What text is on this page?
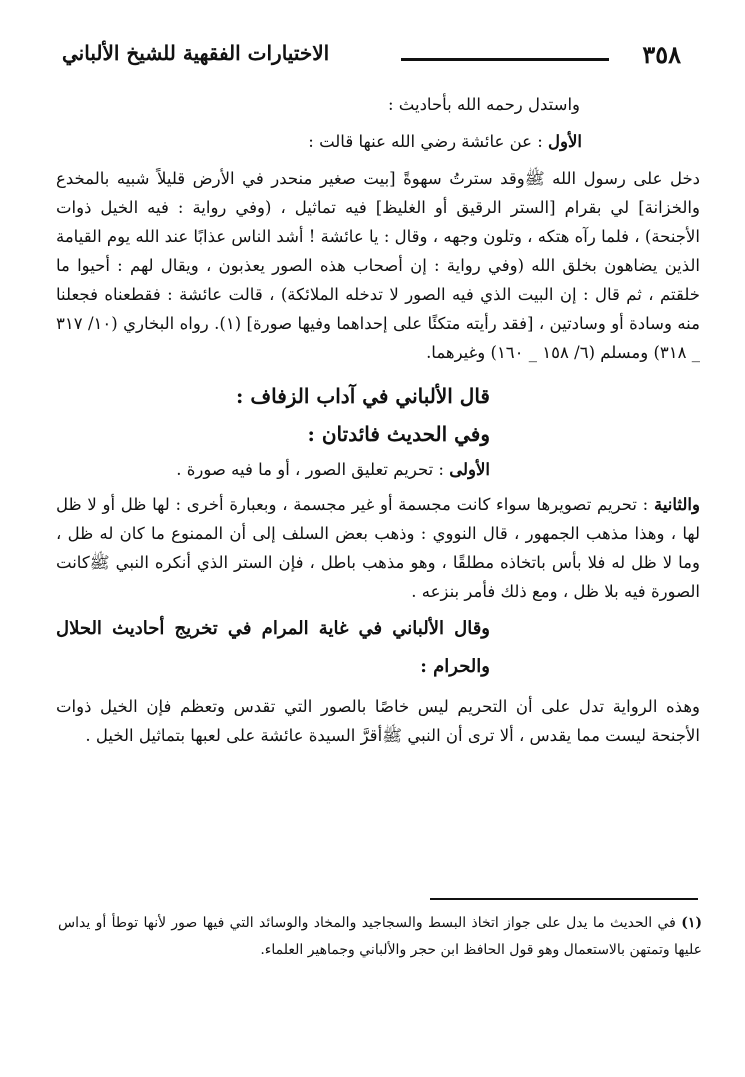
٣٥٨
الاختيارات الفقهية للشيخ الألباني

واستدل رحمه الله بأحاديث :

الأول : عن عائشة رضي الله عنها قالت :

دخل على رسول الله ﷺوقد سترتُ سهوةً [بيت صغير منحدر في الأرض قليلاً شبيه بالمخدع والخزانة] لي بقرام [الستر الرقيق أو الغليظ] فيه تماثيل ، (وفي رواية : فيه الخيل ذوات الأجنحة) ، فلما رآه هتكه ، وتلون وجهه ، وقال : يا عائشة ! أشد الناس عذابًا عند الله يوم القيامة الذين يضاهون بخلق الله (وفي رواية : إن أصحاب هذه الصور يعذبون ، ويقال لهم : أحيوا ما خلقتم ، ثم قال : إن البيت الذي فيه الصور لا تدخله الملائكة) ، قالت عائشة : فقطعناه فجعلنا منه وسادة أو وسادتين ، [فقد رأيته متكئًا على إحداهما وفيها صورة] (١). رواه البخاري (١٠/ ٣١٧ _ ٣١٨) ومسلم (٦/ ١٥٨ _ ١٦٠) وغيرهما.

قال الألباني في آداب الزفاف :

وفي الحديث فائدتان :

الأولى : تحريم تعليق الصور ، أو ما فيه صورة .

والثانية : تحريم تصويرها سواء كانت مجسمة أو غير مجسمة ، وبعبارة أخرى : لها ظل أو لا ظل لها ، وهذا مذهب الجمهور ، قال النووي : وذهب بعض السلف إلى أن الممنوع ما كان له ظل ، وما لا ظل له فلا بأس باتخاذه مطلقًا ، وهو مذهب باطل ، فإن الستر الذي أنكره النبي ﷺكانت الصورة فيه بلا ظل ، ومع ذلك فأمر بنزعه .

وقال الألباني في غاية المرام في تخريج أحاديث الحلال والحرام :

وهذه الرواية تدل على أن التحريم ليس خاصًا بالصور التي تقدس وتعظم فإن الخيل ذوات الأجنحة ليست مما يقدس ، ألا ترى أن النبي ﷺأقرَّ السيدة عائشة على لعبها بتماثيل الخيل .

(١) في الحديث ما يدل على جواز اتخاذ البسط والسجاجيد والمخاد والوسائد التي فيها صور لأنها توطأ أو يداس عليها وتمتهن بالاستعمال وهو قول الحافظ ابن حجر والألباني وجماهير العلماء.
